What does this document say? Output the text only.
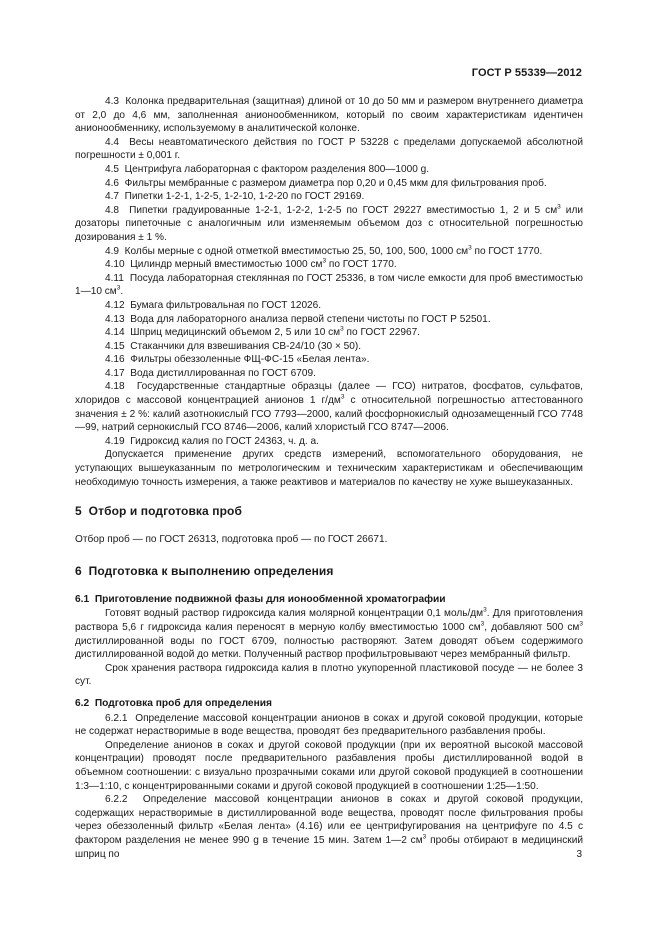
ГОСТ Р 55339—2012

4.3 Колонка предварительная (защитная) длиной от 10 до 50 мм и размером внутреннего диаметра от 2,0 до 4,6 мм, заполненная анионообменником, который по своим характеристикам идентичен анионообменнику, используемому в аналитической колонке.

4.4 Весы неавтоматического действия по ГОСТ Р 53228 с пределами допускаемой абсолютной погрешности ± 0,001 г.

4.5 Центрифуга лабораторная с фактором разделения 800—1000 g.

4.6 Фильтры мембранные с размером диаметра пор 0,20 и 0,45 мкм для фильтрования проб.

4.7 Пипетки 1-2-1, 1-2-5, 1-2-10, 1-2-20 по ГОСТ 29169.

4.8 Пипетки градуированные 1-2-1, 1-2-2, 1-2-5 по ГОСТ 29227 вместимостью 1, 2 и 5 $см^3$ или дозаторы пипеточные с аналогичным или изменяемым объемом доз с относительной погрешностью дозирования ± 1 %.

4.9 Колбы мерные с одной отметкой вместимостью 25, 50, 100, 500, 1000 $см^3$ по ГОСТ 1770.

4.10 Цилиндр мерный вместимостью 1000 $см^3$ по ГОСТ 1770.

4.11 Посуда лабораторная стеклянная по ГОСТ 25336, в том числе емкости для проб вместимостью 1—10 $см^3$.

4.12 Бумага фильтровальная по ГОСТ 12026.

4.13 Вода для лабораторного анализа первой степени чистоты по ГОСТ Р 52501.

4.14 Шприц медицинский объемом 2, 5 или 10 $см^3$ по ГОСТ 22967.

4.15 Стаканчики для взвешивания СВ-24/10 (30 × 50).

4.16 Фильтры обеззоленные ФЩ-ФС-15 «Белая лента».

4.17 Вода дистиллированная по ГОСТ 6709.

4.18 Государственные стандартные образцы (далее — ГСО) нитратов, фосфатов, сульфатов, хлоридов с массовой концентрацией анионов 1 $г/дм^3$ с относительной погрешностью аттестованного значения ± 2 %: калий азотнокислый ГСО 7793—2000, калий фосфорнокислый однозамещенный ГСО 7748—99, натрий сернокислый ГСО 8746—2006, калий хлористый ГСО 8747—2006.

4.19 Гидроксид калия по ГОСТ 24363, ч. д. а.

Допускается применение других средств измерений, вспомогательного оборудования, не уступающих вышеуказанным по метрологическим и техническим характеристикам и обеспечивающим необходимую точность измерения, а также реактивов и материалов по качеству не хуже вышеуказанных.

5 Отбор и подготовка проб

Отбор проб — по ГОСТ 26313, подготовка проб — по ГОСТ 26671.

6 Подготовка к выполнению определения
6.1 Приготовление подвижной фазы для ионообменной хроматографии

Готовят водный раствор гидроксида калия молярной концентрации 0,1 моль/$дм^3$. Для приготовления раствора 5,6 г гидроксида калия переносят в мерную колбу вместимостью 1000 $см^3$, добавляют 500 $см^3$ дистиллированной воды по ГОСТ 6709, полностью растворяют. Затем доводят объем содержимого дистиллированной водой до метки. Полученный раствор профильтровывают через мембранный фильтр.

Срок хранения раствора гидроксида калия в плотно укупоренной пластиковой посуде — не более 3 сут.

6.2 Подготовка проб для определения

6.2.1 Определение массовой концентрации анионов в соках и другой соковой продукции, которые не содержат нерастворимые в воде вещества, проводят без предварительного разбавления пробы.

Определение анионов в соках и другой соковой продукции (при их вероятной высокой массовой концентрации) проводят после предварительного разбавления пробы дистиллированной водой в объемном соотношении: с визуально прозрачными соками или другой соковой продукцией в соотношении 1:3—1:10, с концентрированными соками и другой соковой продукцией в соотношении 1:25—1:50.

6.2.2 Определение массовой концентрации анионов в соках и другой соковой продукции, содержащих нерастворимые в дистиллированной воде вещества, проводят после фильтрования пробы через обеззоленный фильтр «Белая лента» (4.16) или ее центрифугирования на центрифуге по 4.5 с фактором разделения не менее 990 g в течение 15 мин. Затем 1—2 $см^3$ пробы отбирают в медицинский шприц по	3
